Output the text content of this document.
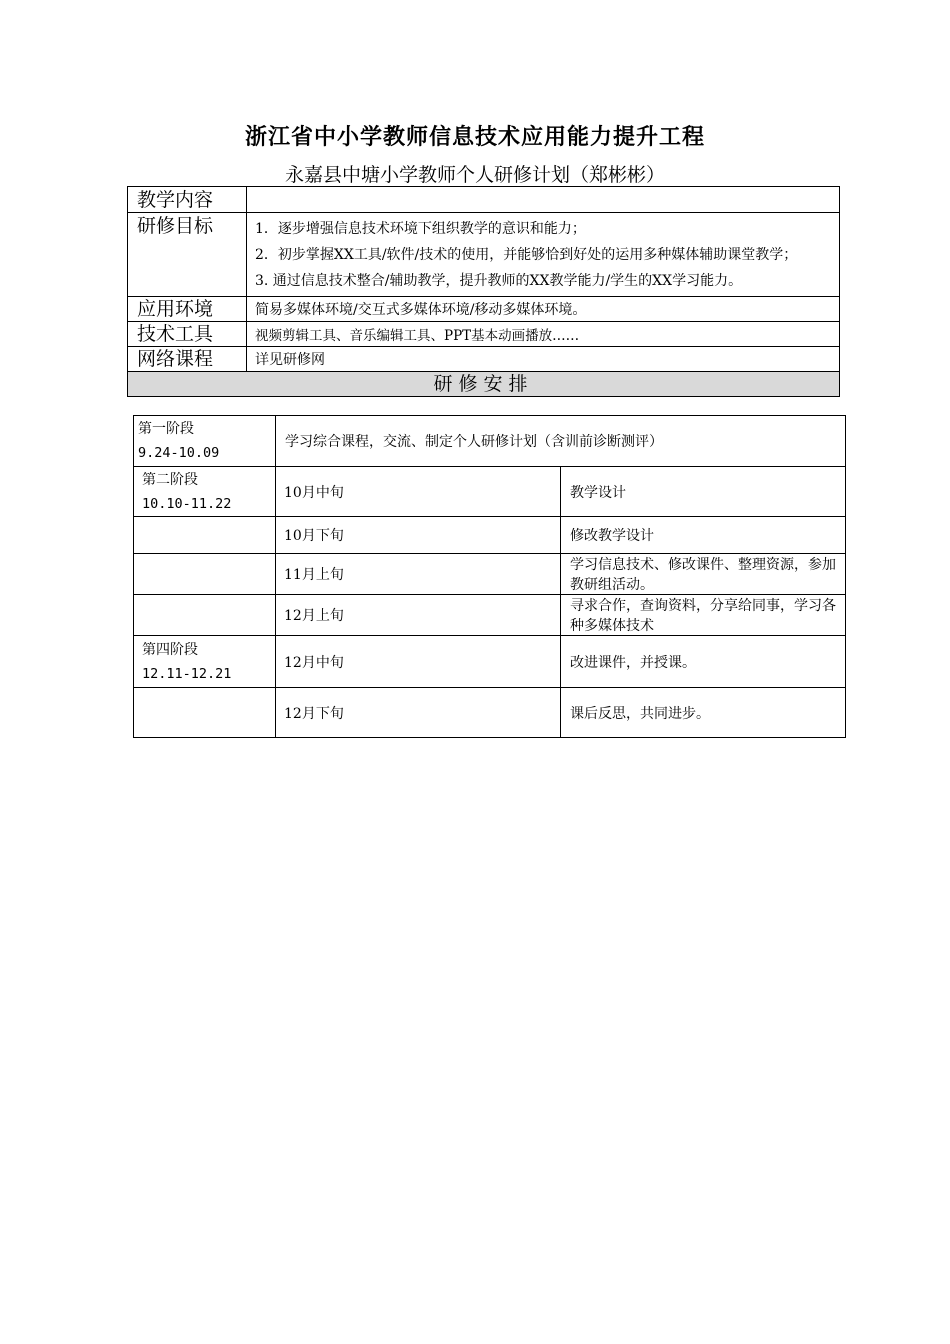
浙江省中小学教师信息技术应用能力提升工程
永嘉县中塘小学教师个人研修计划（郑彬彬）
教学内容	
研修目标	1．逐步增强信息技术环境下组织教学的意识和能力；
2．初步掌握XX工具/软件/技术的使用，并能够恰到好处的运用多种媒体辅助课堂教学；
3. 通过信息技术整合/辅助教学，提升教师的XX教学能力/学生的XX学习能力。

应用环境	简易多媒体环境/交互式多媒体环境/移动多媒体环境。
技术工具	视频剪辑工具、音乐编辑工具、PPT基本动画播放……
网络课程	详见研修网
研修安排	
第一阶段
9.24-10.09	学习综合课程，交流、制定个人研修计划（含训前诊断测评）	
第二阶段
10.10-11.22	10月中旬	教学设计
	10月下旬	修改教学设计
	11月上旬	学习信息技术、修改课件、整理资源，参加教研组活动。
	12月上旬	寻求合作，查询资料，分享给同事，学习各种多媒体技术
第四阶段
12.11-12.21	12月中旬	改进课件，并授课。
	12月下旬	课后反思，共同进步。
